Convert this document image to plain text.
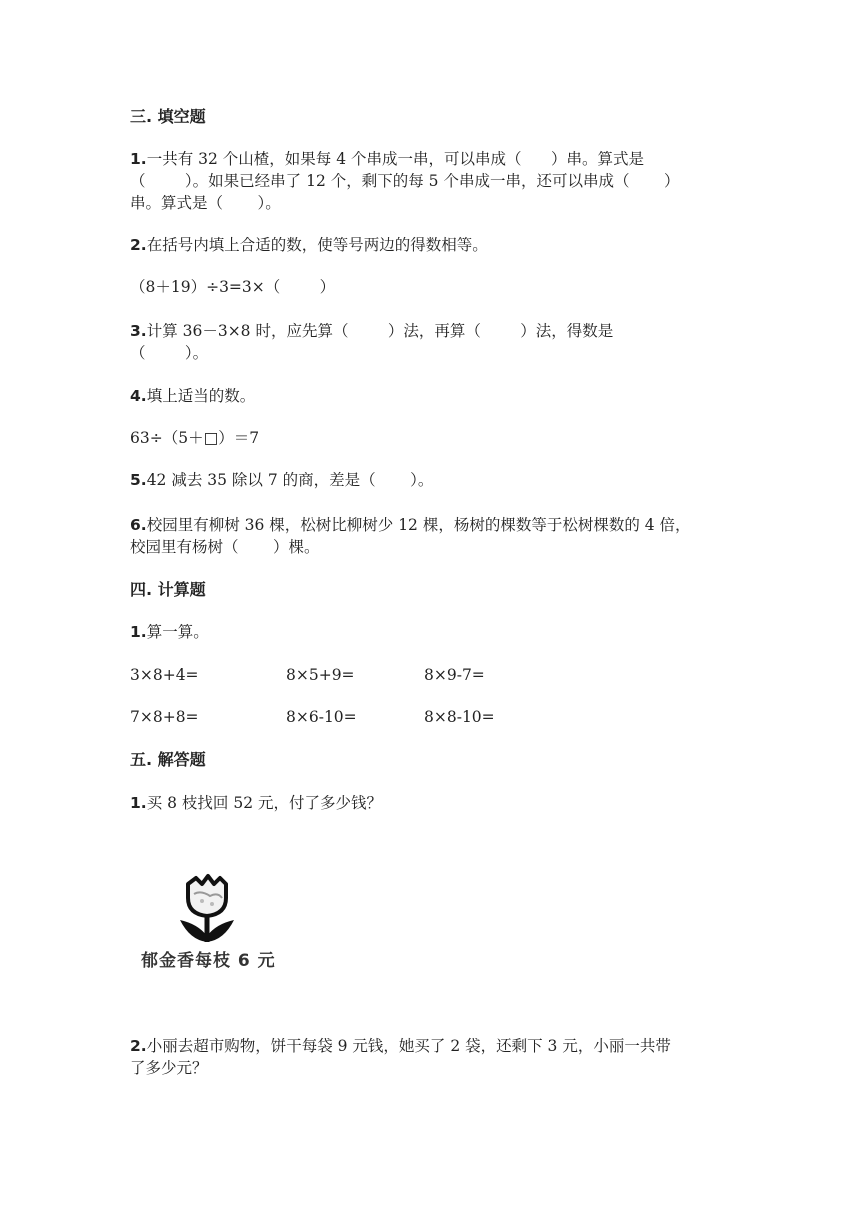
三. 填空题
1.一共有 32 个山楂，如果每 4 个串成一串，可以串成（      ）串。算式是
（        ）。如果已经串了 12 个，剩下的每 5 个串成一串，还可以串成（       ）
串。算式是（       ）。
2.在括号内填上合适的数，使等号两边的得数相等。
（8＋19）÷3=3×（        ）
3.计算 36－3×8 时，应先算（        ）法，再算（        ）法，得数是
（        ）。
4.填上适当的数。
63÷（5＋□）＝7
5.42 减去 35 除以 7 的商，差是（       ）。
6.校园里有柳树 36 棵，松树比柳树少 12 棵，杨树的棵数等于松树棵数的 4 倍，
校园里有杨树（       ）棵。
四. 计算题
1.算一算。
3×8+4=	8×5+9=	8×9-7=
7×8+8=	8×6-10=	8×8-10=
五. 解答题
1.买 8 枝找回 52 元，付了多少钱？
郁金香每枝 6 元
2.小丽去超市购物，饼干每袋 9 元钱，她买了 2 袋，还剩下 3 元，小丽一共带
了多少元？
